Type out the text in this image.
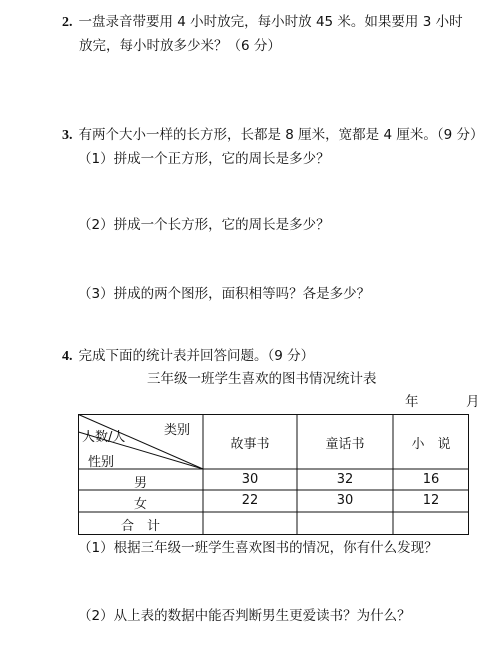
2. 一盘录音带要用 4 小时放完，每小时放 45 米。如果要用 3 小时
放完，每小时放多少米？（6 分）
3. 有两个大小一样的长方形，长都是 8 厘米，宽都是 4 厘米。（9 分）
（1）拼成一个正方形，它的周长是多少？
（2）拼成一个长方形，它的周长是多少？
（3）拼成的两个图形，面积相等吗？各是多少？
4. 完成下面的统计表并回答问题。（9 分）
三年级一班学生喜欢的图书情况统计表
年	月
类别
人数/人
性别
故事书	童话书	小　说
男	30	32	16
女	22	30	12
合　计
（1）根据三年级一班学生喜欢图书的情况，你有什么发现？
（2）从上表的数据中能否判断男生更爱读书？为什么？
